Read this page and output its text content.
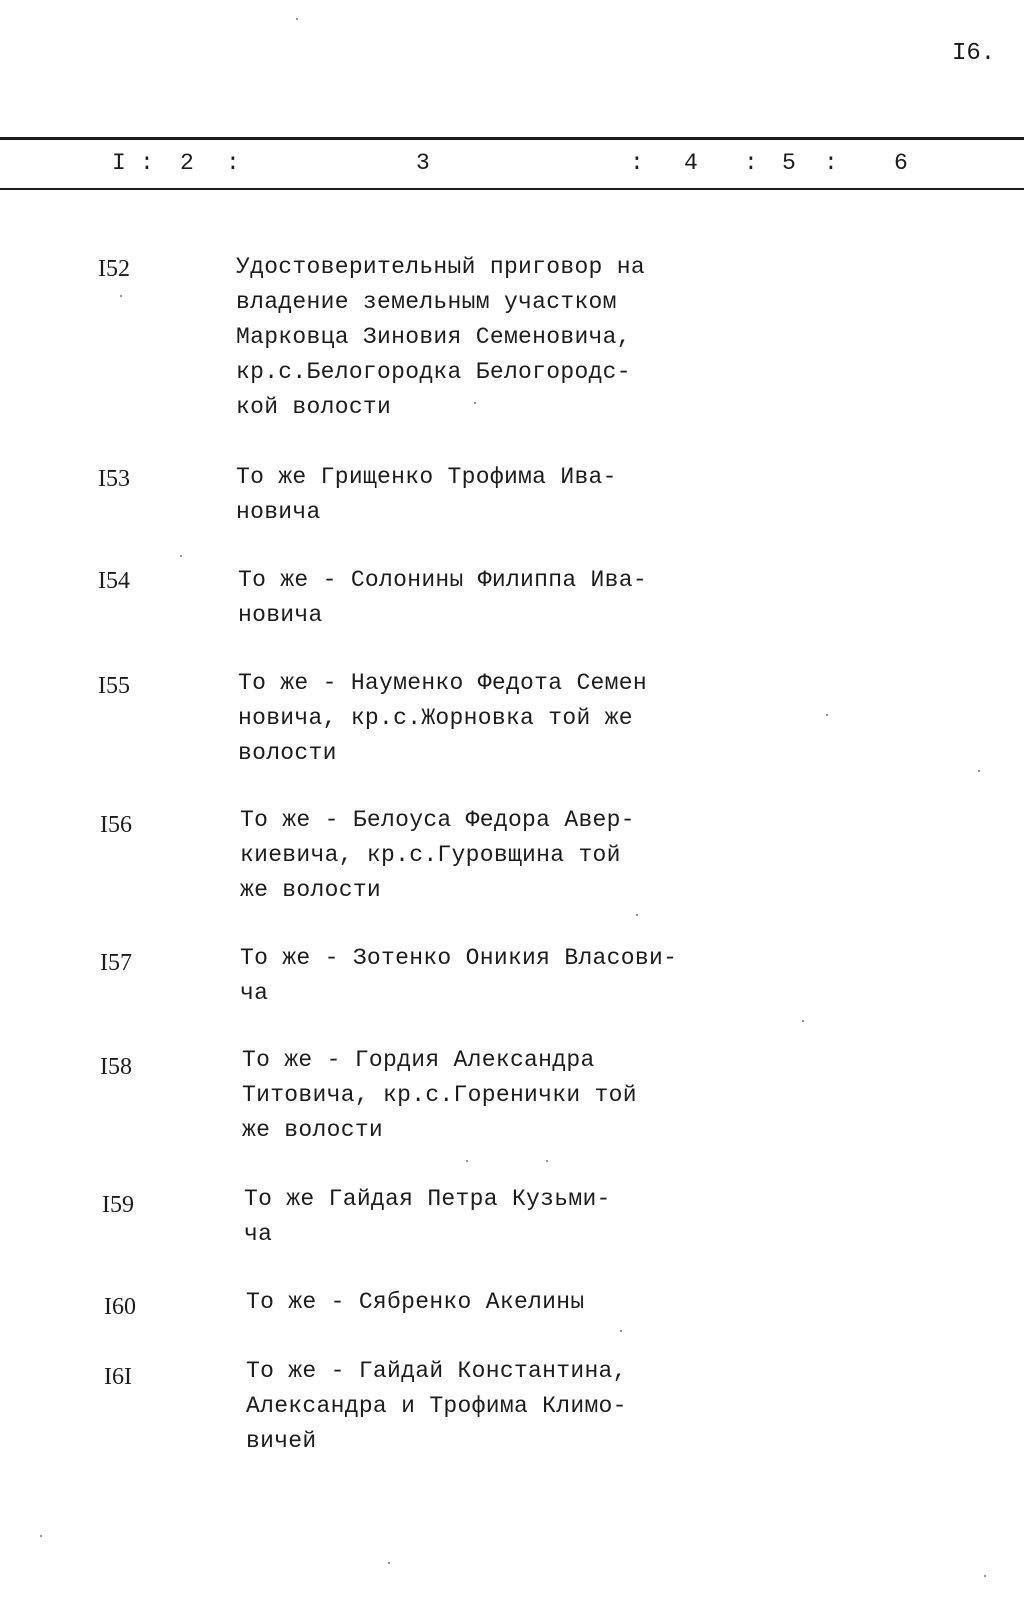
I6.
I : 2 :	3	: 4 : 5 : 6
I52	Удостоверительный приговор на
владение земельным участком
Марковца Зиновия Семеновича,
кр.с.Белогородка Белогородс-
кой волости
I53	То же Грищенко Трофима Ива-
новича
I54	То же - Солонины Филиппа Ива-
новича
I55	То же - Науменко Федота Семен
новича, кр.с.Жорновка той же
волости
I56	То же - Белоуса Федора Авер-
киевича, кр.с.Гуровщина той
же волости
I57	То же - Зотенко Оникия Власови-
ча
I58	То же - Гордия Александра
Титовича, кр.с.Горенички той
же волости
I59	То же Гайдая Петра Кузьми-
ча
I60	То же - Сябренко Акелины
I6I	То же - Гайдай Константина,
Александра и Трофима Климо-
вичей
